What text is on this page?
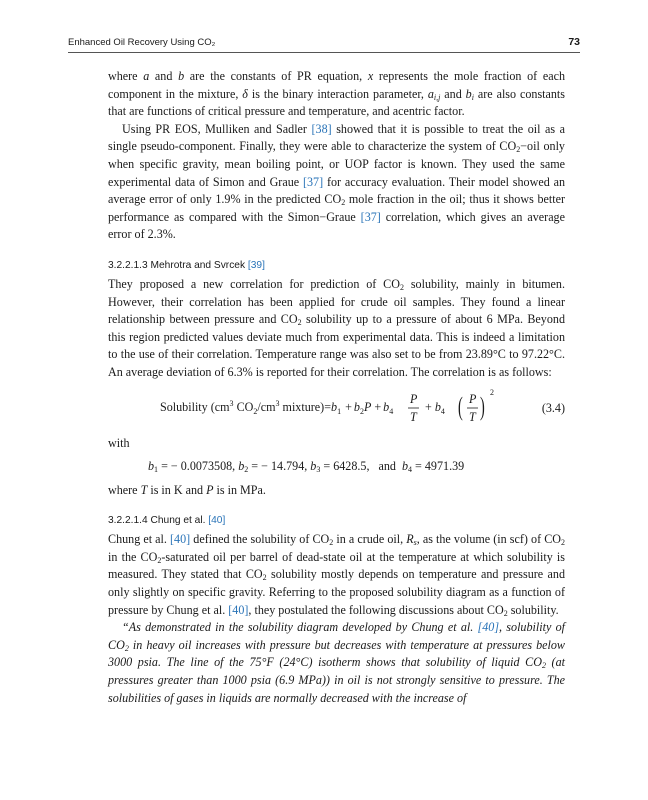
Enhanced Oil Recovery Using CO₂	73

where a and b are the constants of PR equation, x represents the mole fraction of each component in the mixture, δ is the binary interaction parameter, $a_{i,j}$ and $b_i$ are also constants that are functions of critical pressure and temperature, and acentric factor.

Using PR EOS, Mulliken and Sadler [38] showed that it is possible to treat the oil as a single pseudo-component. Finally, they were able to characterize the system of $CO_2-oil$ only when specific gravity, mean boiling point, or UOP factor is known. They used the same experimental data of Simon and Graue [37] for accuracy evaluation. Their model showed an average error of only 1.9% in the predicted $CO_2$ mole fraction in the oil; thus it shows better performance as compared with the Simon−Graue [37] correlation, which gives an average error of 2.3%.

3.2.2.1.3 Mehrotra and Svrcek [39]

They proposed a new correlation for prediction of $CO_2$ solubility, mainly in bitumen. However, their correlation has been applied for crude oil samples. They found a linear relationship between pressure and $CO_2$ solubility up to a pressure of about 6 MPa. Beyond this region predicted values deviate much from experimental data. This is indeed a limitation to the use of their correlation. Temperature range was also set to be from 23.89°C to 97.22°C. An average deviation of 6.3% is reported for their correlation. The correlation is as follows:

Solubility ($cm^3$ $CO_2/cm^3$ $mixture)=b_1 + b_2P + b_4$
P
T
+ $b_4$ ( P
T ) 2
(3.4)

with

$b_1$ = − 0.0073508, $b_2$ = − 14.794, $b_3 = 6428.5$, and $b_4 = 4971.39$

where T is in K and P is in MPa.

3.2.2.1.4 Chung et al. [40]

Chung et al. [40] defined the solubility of $CO_2$ in a crude oil, $R_s$, as the volume (in scf) of $CO_2$ in the $CO_2$-saturated oil per barrel of dead-state oil at the temperature at which solubility is measured. They stated that $CO_2$ solubility mostly depends on temperature and pressure and only slightly on specific gravity. Referring to the proposed solubility diagram as a function of pressure by Chung et al. [40], they postulated the following discussions about $CO_2$ solubility.

“As demonstrated in the solubility diagram developed by Chung et al. [40], solubility of $CO_2$ in heavy oil increases with pressure but decreases with temperature at pressures below 3000 psia. The line of the 75°F (24°C) isotherm shows that solubility of liquid $CO_2$ (at pressures greater than 1000 psia (6.9 MPa)) in oil is not strongly sensitive to pressure. The solubilities of gases in liquids are normally decreased with the increase of
